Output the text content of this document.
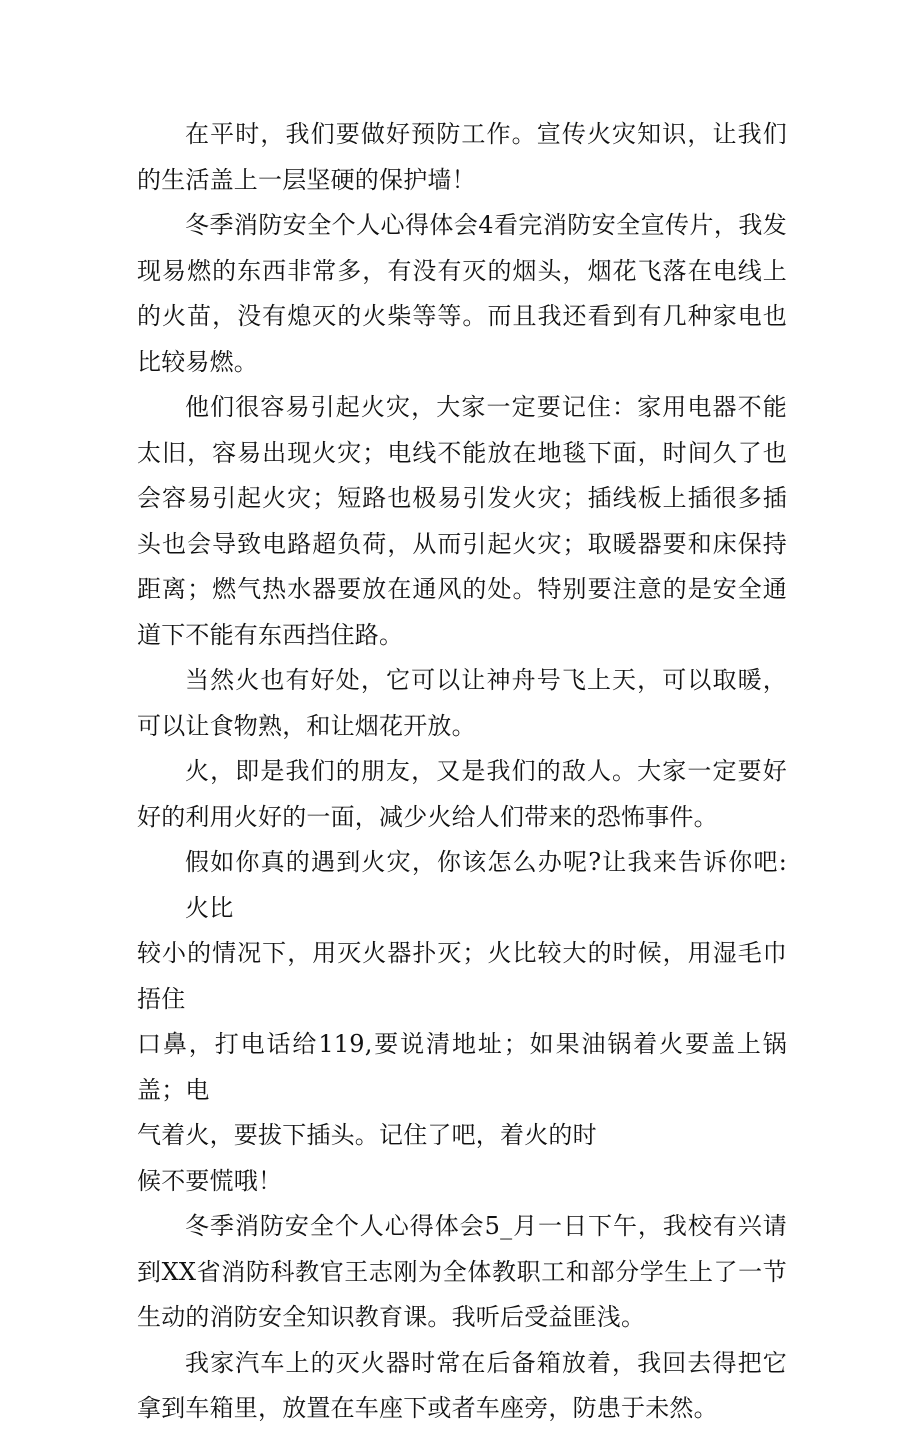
在平时，我们要做好预防工作。宣传火灾知识，让我们的生活盖上一层坚硬的保护墙！

冬季消防安全个人心得体会4看完消防安全宣传片，我发现易燃的东西非常多，有没有灭的烟头，烟花飞落在电线上的火苗，没有熄灭的火柴等等。而且我还看到有几种家电也比较易燃。

他们很容易引起火灾，大家一定要记住：家用电器不能太旧，容易出现火灾；电线不能放在地毯下面，时间久了也会容易引起火灾；短路也极易引发火灾；插线板上插很多插头也会导致电路超负荷，从而引起火灾；取暖器要和床保持距离；燃气热水器要放在通风的处。特别要注意的是安全通道下不能有东西挡住路。

当然火也有好处，它可以让神舟号飞上天，可以取暖，可以让食物熟，和让烟花开放。

火，即是我们的朋友，又是我们的敌人。大家一定要好好的利用火好的一面，减少火给人们带来的恐怖事件。

假如你真的遇到火灾，你该怎么办呢?让我来告诉你吧:火比
较小的情况下，用灭火器扑灭；火比较大的时候，用湿毛巾捂住
口鼻，打电话给119,要说清地址；如果油锅着火要盖上锅盖；电
气着火，要拔下插头。记住了吧，着火的时
候不要慌哦！

冬季消防安全个人心得体会5_月一日下午，我校有兴请到XX省消防科教官王志刚为全体教职工和部分学生上了一节生动的消防安全知识教育课。我听后受益匪浅。

我家汽车上的灭火器时常在后备箱放着，我回去得把它拿到车箱里，放置在车座下或者车座旁，防患于未然。
